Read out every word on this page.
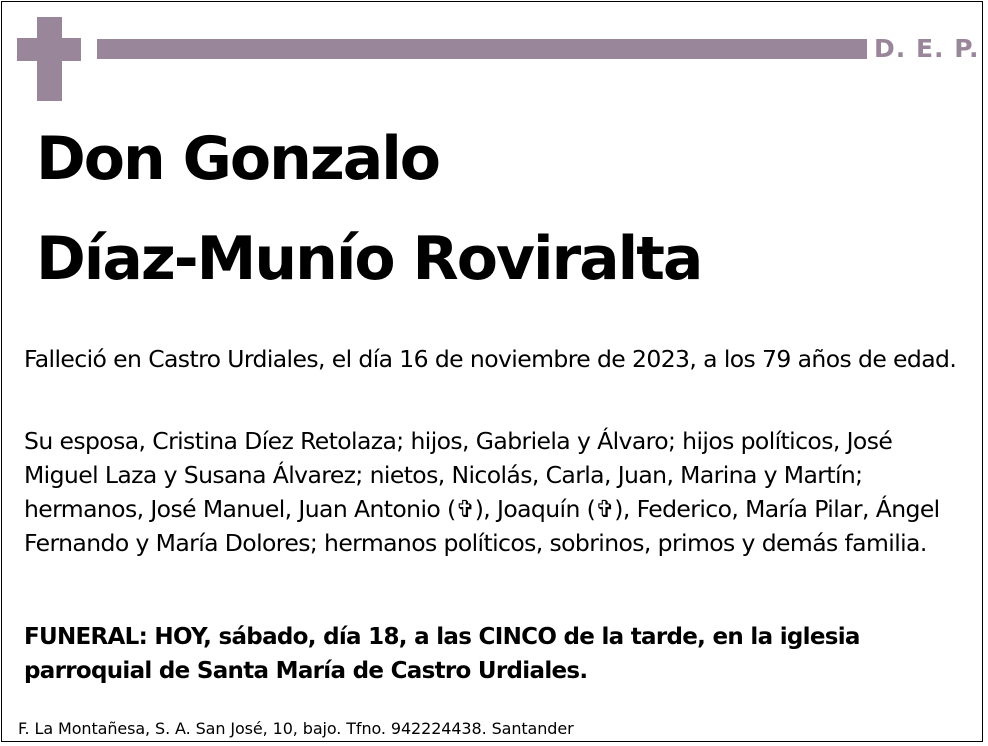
D. E. P.
Don Gonzalo
Díaz-Munío Roviralta
Falleció en Castro Urdiales, el día 16 de noviembre de 2023, a los 79 años de edad.
Su esposa, Cristina Díez Retolaza; hijos, Gabriela y Álvaro; hijos políticos, José Miguel Laza y Susana Álvarez; nietos, Nicolás, Carla, Juan, Marina y Martín; hermanos, José Manuel, Juan Antonio (✞), Joaquín (✞), Federico, María Pilar, Ángel Fernando y María Dolores; hermanos políticos, sobrinos, primos y demás familia.
FUNERAL: HOY, sábado, día 18, a las CINCO de la tarde, en la iglesia parroquial de Santa María de Castro Urdiales.
F. La Montañesa, S. A. San José, 10, bajo. Tfno. 942224438. Santander
